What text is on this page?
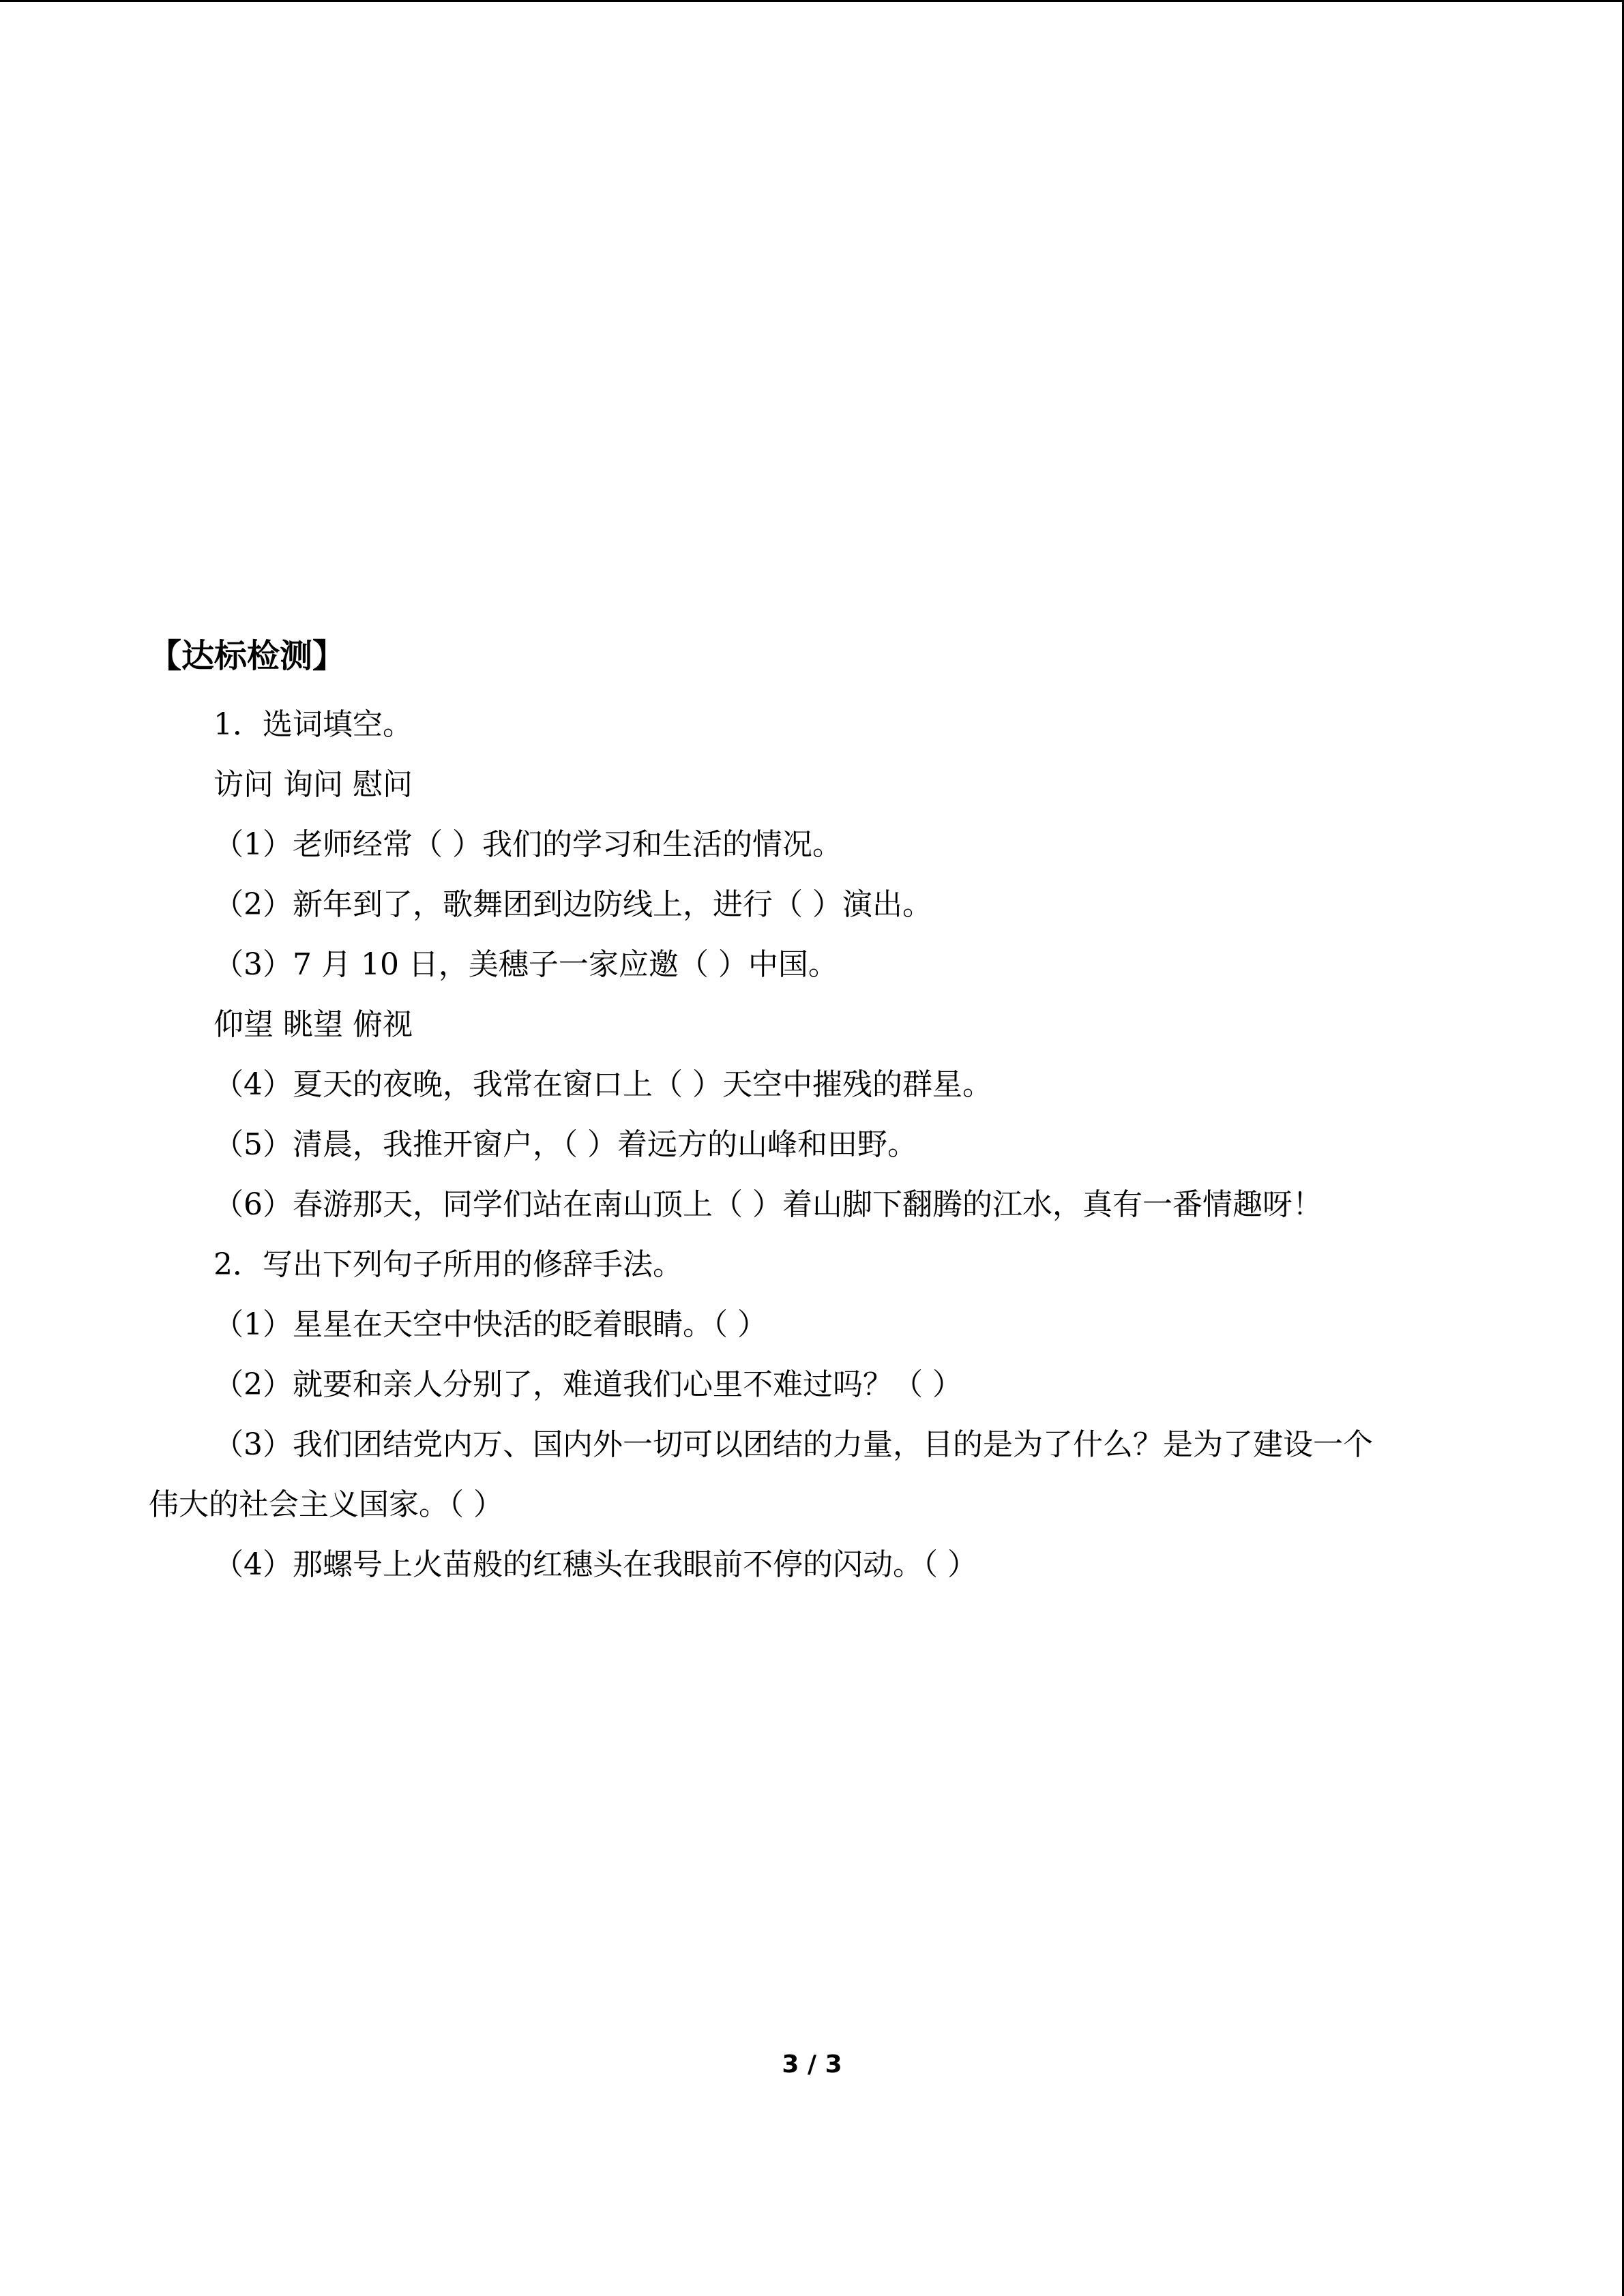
【达标检测】
1．选词填空。
访问 询问 慰问
（1）老师经常（ ）我们的学习和生活的情况。
（2）新年到了，歌舞团到边防线上，进行（ ）演出。
（3）7 月 10 日，美穗子一家应邀（ ）中国。
仰望 眺望 俯视
（4）夏天的夜晚，我常在窗口上（ ）天空中摧残的群星。
（5）清晨，我推开窗户，（ ）着远方的山峰和田野。
（6）春游那天，同学们站在南山顶上（ ）着山脚下翻腾的江水，真有一番情趣呀！
2．写出下列句子所用的修辞手法。
（1）星星在天空中快活的眨着眼睛。（ ）
（2）就要和亲人分别了，难道我们心里不难过吗？（ ）
（3）我们团结党内万、国内外一切可以团结的力量，目的是为了什么？是为了建设一个
伟大的社会主义国家。（ ）
（4）那螺号上火苗般的红穗头在我眼前不停的闪动。（ ）
3 / 3
